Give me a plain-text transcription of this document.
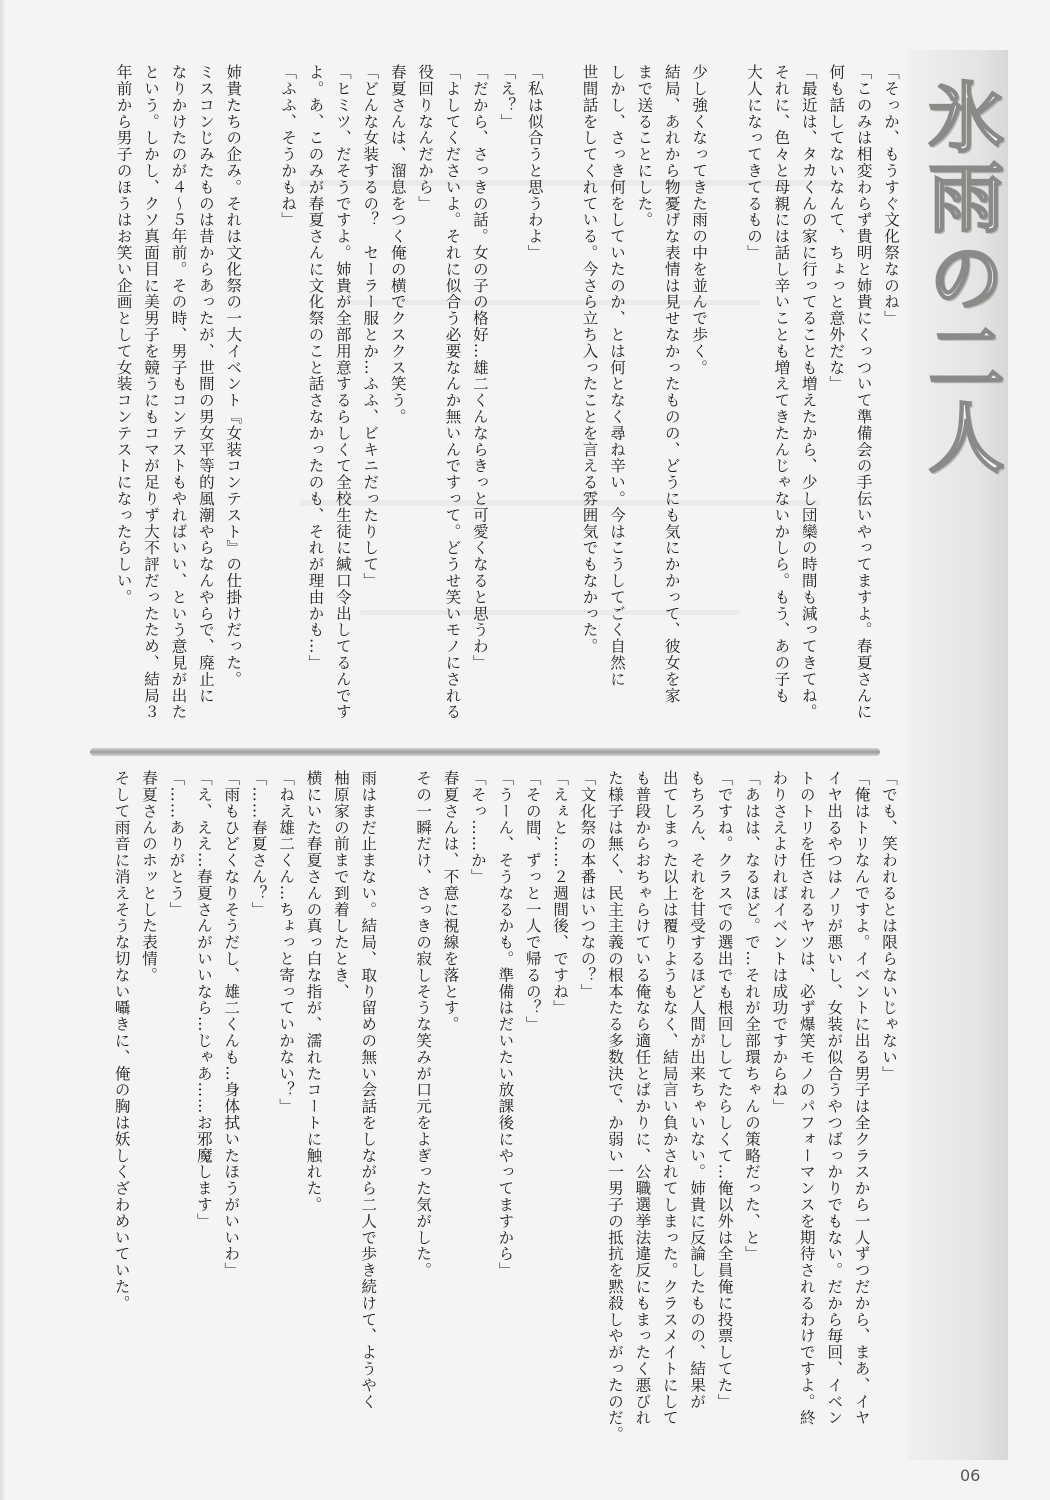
氷雨の二人
「そっか、もうすぐ文化祭なのね」
「このみは相変わらず貴明と姉貴にくっついて準備会の手伝いやってますよ。春夏さんに
何も話してないなんて、ちょっと意外だな」
「最近は、タカくんの家に行ってることも増えたから、少し団欒の時間も減ってきてね。
それに、色々と母親には話し辛いことも増えてきたんじゃないかしら。もう、あの子も
大人になってきてるもの」
少し強くなってきた雨の中を並んで歩く。
結局、あれから物憂げな表情は見せなかったものの、どうにも気にかかって、彼女を家
まで送ることにした。
しかし、さっき何をしていたのか、とは何となく尋ね辛い。今はこうしてごく自然に
世間話をしてくれている。今さら立ち入ったことを言える雰囲気でもなかった。
「私は似合うと思うわよ」
「え？」
「だから、さっきの話。女の子の格好…雄二くんならきっと可愛くなると思うわ」
「よしてくださいよ。それに似合う必要なんか無いんですって。どうせ笑いモノにされる
役回りなんだから」
春夏さんは、溜息をつく俺の横でクスクス笑う。
「どんな女装するの？　セーラー服とか…ふふ、ビキニだったりして」
「ヒミツ、だそうですよ。姉貴が全部用意するらしくて全校生徒に緘口令出してるんです
よ。あ、このみが春夏さんに文化祭のこと話さなかったのも、それが理由かも…」
「ふふ、そうかもね」
姉貴たちの企み。それは文化祭の一大イベント『女装コンテスト』の仕掛けだった。
ミスコンじみたものは昔からあったが、世間の男女平等的風潮やらなんやらで、廃止に
なりかけたのが４～５年前。その時、男子もコンテストもやればいい、という意見が出た
という。しかし、クソ真面目に美男子を競うにもコマが足りず大不評だったため、結局３
年前から男子のほうはお笑い企画として女装コンテストになったらしい。
「でも、笑われるとは限らないじゃない」
「俺はトリなんですよ。イベントに出る男子は全クラスから一人ずつだから、まあ、イヤ
イヤ出るやつはノリが悪いし、女装が似合うやつばっかりでもない。だから毎回、イベン
トのトリを任されるヤツは、必ず爆笑モノのパフォーマンスを期待されるわけですよ。終
わりさえよければイベントは成功ですからね」
「あはは、なるほど。で…それが全部環ちゃんの策略だった、と」
「ですね。クラスでの選出でも根回ししてたらしくて…俺以外は全員俺に投票してた」
もちろん、それを甘受するほど人間が出来ちゃいない。姉貴に反論したものの、結果が
出てしまった以上は覆りようもなく、結局言い負かされてしまった。クラスメイトにして
も普段からおちゃらけている俺なら適任とばかりに、公職選挙法違反にもまったく悪びれ
た様子は無く、民主主義の根本たる多数決で、か弱い一男子の抵抗を黙殺しやがったのだ。
「文化祭の本番はいつなの？」
「えぇと……２週間後、ですね」
「その間、ずっと一人で帰るの？」
「うーん、そうなるかも。準備はだいたい放課後にやってますから」
「そっ……か」
春夏さんは、不意に視線を落とす。
その一瞬だけ、さっきの寂しそうな笑みが口元をよぎった気がした。
雨はまだ止まない。結局、取り留めの無い会話をしながら二人で歩き続けて、ようやく
柚原家の前まで到着したとき、
横にいた春夏さんの真っ白な指が、濡れたコートに触れた。
「ねえ雄二くん…ちょっと寄っていかない？」
「……春夏さん？」
「雨もひどくなりそうだし、雄二くんも…身体拭いたほうがいいわ」
「え、ええ…春夏さんがいいなら…じゃあ……お邪魔します」
「……ありがとう」
春夏さんのホッとした表情。
そして雨音に消えそうな切ない囁きに、俺の胸は妖しくざわめいていた。

06
